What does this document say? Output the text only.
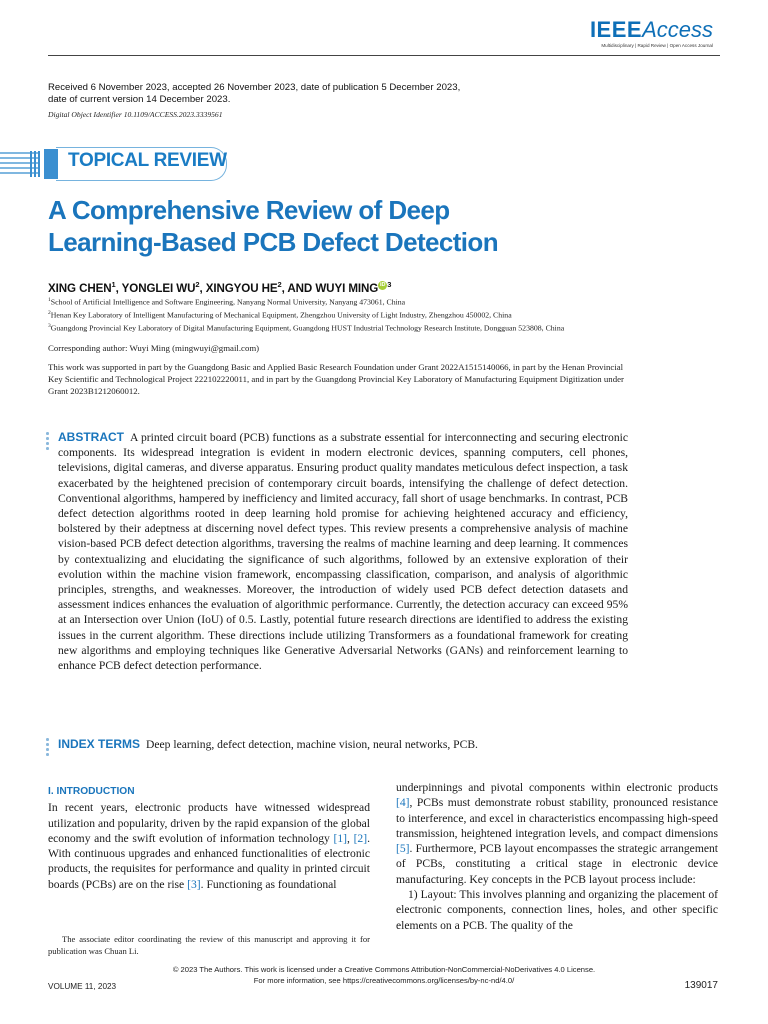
IEEEAccess
Multidisciplinary | Rapid Review | Open Access Journal
Received 6 November 2023, accepted 26 November 2023, date of publication 5 December 2023,
date of current version 14 December 2023.
Digital Object Identifier 10.1109/ACCESS.2023.3339561
TOPICAL REVIEW
A Comprehensive Review of Deep
Learning-Based PCB Defect Detection
XING CHEN$^1$, YONGLEI $WU^2$, XINGYOU $HE^2$, AND WUYI MING iD $^3$
$^1$School of Artificial Intelligence and Software Engineering, Nanyang Normal University, Nanyang 473061, China
$^2$Henan Key Laboratory of Intelligent Manufacturing of Mechanical Equipment, Zhengzhou University of Light Industry, Zhengzhou 450002, China
$^3$Guangdong Provincial Key Laboratory of Digital Manufacturing Equipment, Guangdong HUST Industrial Technology Research Institute, Dongguan 523808, China
Corresponding author: Wuyi Ming (mingwuyi@gmail.com)
This work was supported in part by the Guangdong Basic and Applied Basic Research Foundation under Grant 2022A1515140066, in part by the Henan Provincial Key Scientific and Technological Project 222102220011, and in part by the Guangdong Provincial Key Laboratory of Manufacturing Equipment Digitization under Grant 2023B1212060012.
ABSTRACT A printed circuit board (PCB) functions as a substrate essential for interconnecting and securing electronic components. Its widespread integration is evident in modern electronic devices, spanning computers, cell phones, televisions, digital cameras, and diverse apparatus. Ensuring product quality mandates meticulous defect inspection, a task exacerbated by the heightened precision of contemporary circuit boards, intensifying the challenge of defect detection. Conventional algorithms, hampered by inefficiency and limited accuracy, fall short of usage benchmarks. In contrast, PCB defect detection algorithms rooted in deep learning hold promise for achieving heightened accuracy and efficiency, bolstered by their adeptness at discerning novel defect types. This review presents a comprehensive analysis of machine vision-based PCB defect detection algorithms, traversing the realms of machine learning and deep learning. It commences by contextualizing and elucidating the significance of such algorithms, followed by an extensive exploration of their evolution within the machine vision framework, encompassing classification, comparison, and analysis of algorithmic principles, strengths, and weaknesses. Moreover, the introduction of widely used PCB defect detection datasets and assessment indices enhances the evaluation of algorithmic performance. Currently, the detection accuracy can exceed 95% at an Intersection over Union (IoU) of 0.5. Lastly, potential future research directions are identified to address the existing issues in the current algorithm. These directions include utilizing Transformers as a foundational framework for creating new algorithms and employing techniques like Generative Adversarial Networks (GANs) and reinforcement learning to enhance PCB defect detection performance.
INDEX TERMS Deep learning, defect detection, machine vision, neural networks, PCB.
I. INTRODUCTION
In recent years, electronic products have witnessed widespread utilization and popularity, driven by the rapid expansion of the global economy and the swift evolution of information technology [1], [2]. With continuous upgrades and enhanced functionalities of electronic products, the requisites for performance and quality in printed circuit boards (PCBs) are on the rise [3]. Functioning as foundational
The associate editor coordinating the review of this manuscript and approving it for publication was Chuan Li.
underpinnings and pivotal components within electronic products [4], PCBs must demonstrate robust stability, pronounced resistance to interference, and excel in characteristics encompassing high-speed transmission, heightened integration levels, and compact dimensions [5]. Furthermore, PCB layout encompasses the strategic arrangement of PCBs, constituting a critical stage in electronic device manufacturing. Key concepts in the PCB layout process include:
1) Layout: This involves planning and organizing the placement of electronic components, connection lines, holes, and other specific elements on a PCB. The quality of the
© 2023 The Authors. This work is licensed under a Creative Commons Attribution-NonCommercial-NoDerivatives 4.0 License.
For more information, see https://creativecommons.org/licenses/by-nc-nd/4.0/
VOLUME 11, 2023	139017
